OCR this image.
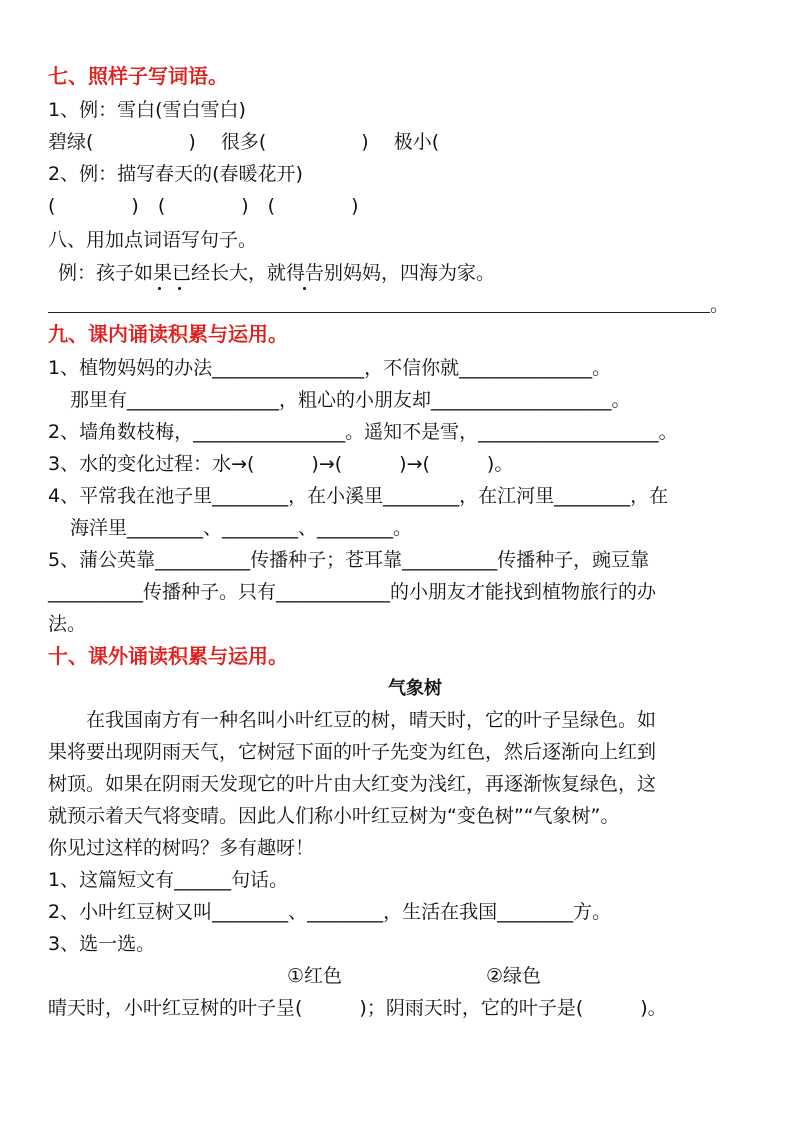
七、照样子写词语。
1、例：雪白(雪白雪白)
碧绿(　　　　　)　 很多(　　　　　)　 极小(
2、例：描写春天的(春暖花开)
(　　　　)　(　　　　)　(　　　　)
八、用加点词语写句子。
例：孩子如果已经长大，就得告别妈妈，四海为家。
。
九、课内诵读积累与运用。
1、植物妈妈的办法________________，不信你就______________。
那里有________________，粗心的小朋友却___________________。
2、墙角数枝梅，________________。遥知不是雪，___________________。
3、水的变化过程：水→(　　　)→(　　　)→(　　　)。
4、平常我在池子里________，在小溪里________，在江河里________，在
海洋里________、________、________。
5、蒲公英靠__________传播种子；苍耳靠__________传播种子，豌豆靠
__________传播种子。只有____________的小朋友才能找到植物旅行的办
法。
十、课外诵读积累与运用。
气象树
　　在我国南方有一种名叫小叶红豆的树，晴天时，它的叶子呈绿色。如
果将要出现阴雨天气，它树冠下面的叶子先变为红色，然后逐渐向上红到
树顶。如果在阴雨天发现它的叶片由大红变为浅红，再逐渐恢复绿色，这
就预示着天气将变晴。因此人们称小叶红豆树为“变色树”“气象树”。
你见过这样的树吗？多有趣呀！
1、这篇短文有______句话。
2、小叶红豆树又叫________、________，生活在我国________方。
3、选一选。
①红色	②绿色
晴天时，小叶红豆树的叶子呈(　　　)；阴雨天时，它的叶子是(　　　)。
